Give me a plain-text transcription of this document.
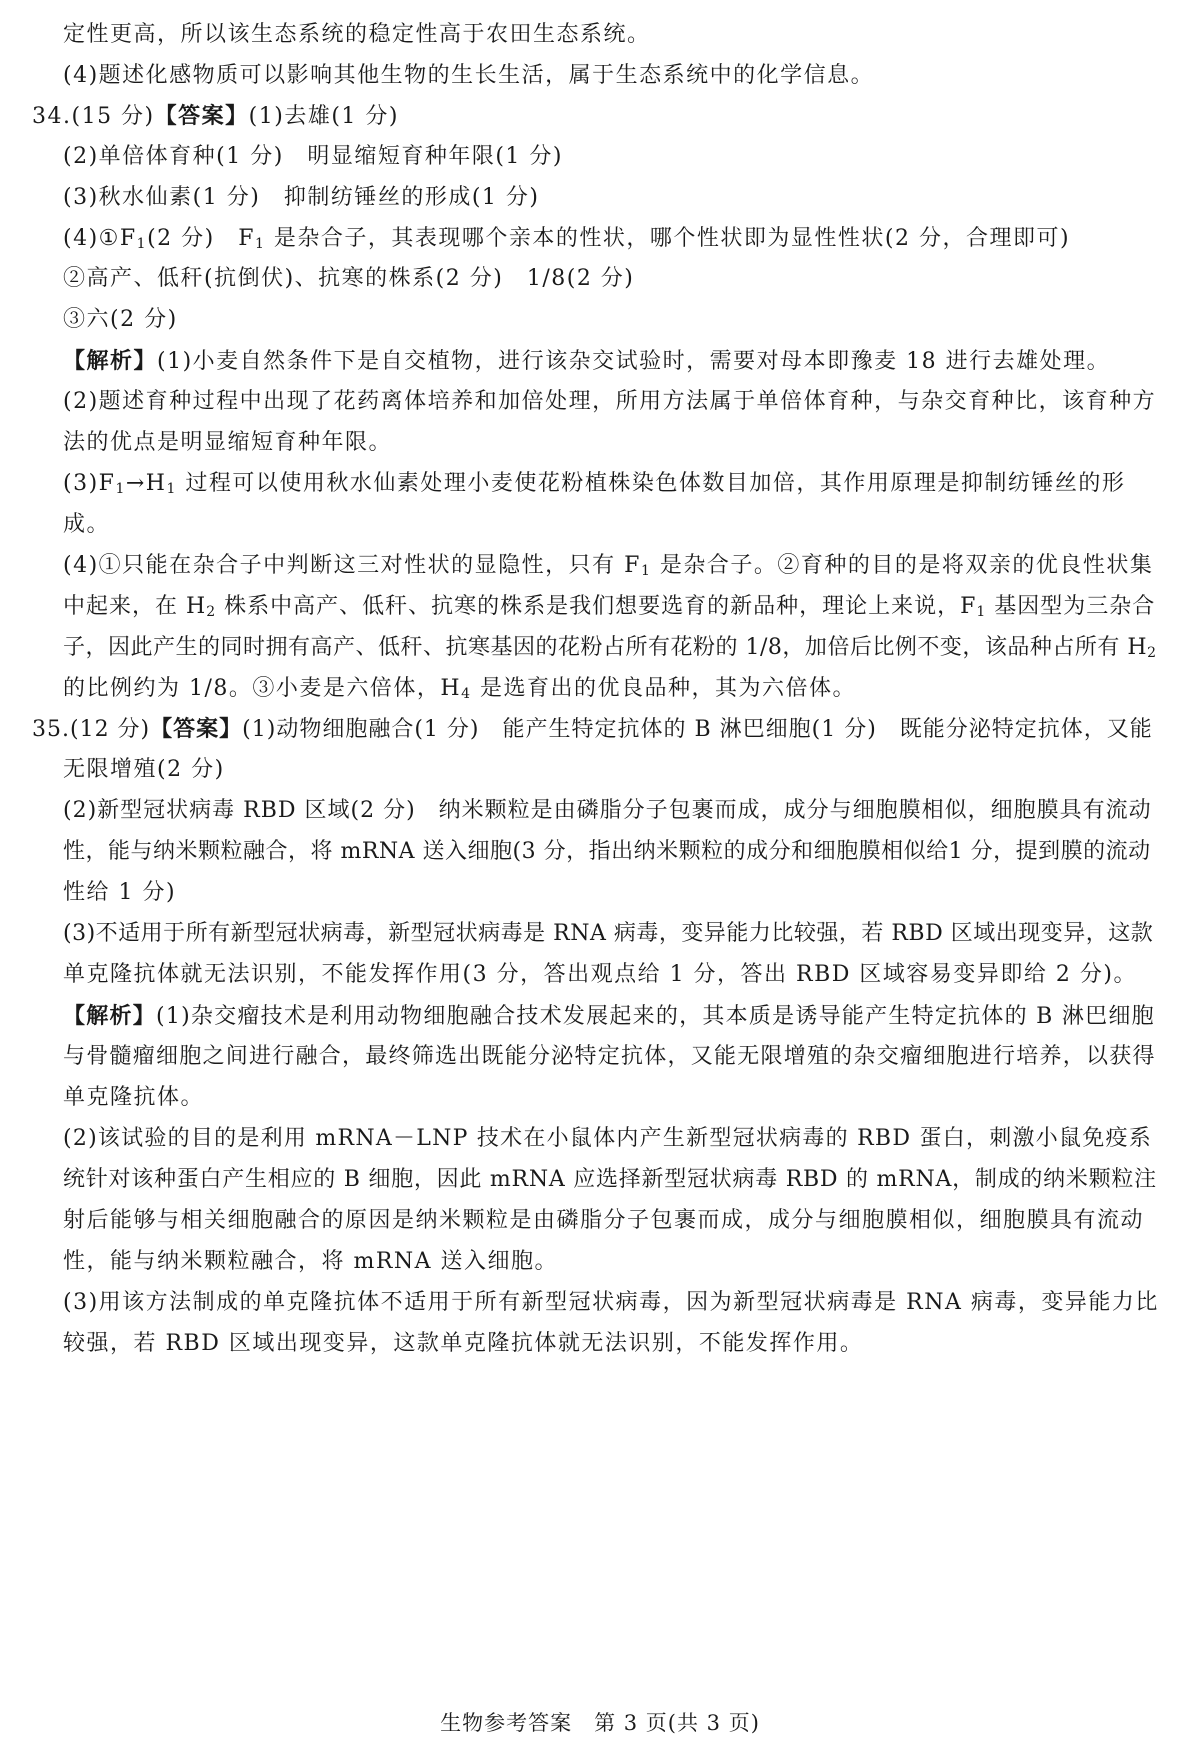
定性更高，所以该生态系统的稳定性高于农田生态系统。
(4)题述化感物质可以影响其他生物的生长生活，属于生态系统中的化学信息。
34.(15 分)【答案】(1)去雄(1 分)
(2)单倍体育种(1 分)　明显缩短育种年限(1 分)
(3)秋水仙素(1 分)　抑制纺锤丝的形成(1 分)
$(4)①F_1(2$ 分)　$F_1$ 是杂合子，其表现哪个亲本的性状，哪个性状即为显性性状(2 分，合理即可)
②高产、低秆(抗倒伏)、抗寒的株系(2 分)　1/8(2 分)
③六(2 分)
【解析】(1)小麦自然条件下是自交植物，进行该杂交试验时，需要对母本即豫麦 18 进行去雄处理。
(2)题述育种过程中出现了花药离体培养和加倍处理，所用方法属于单倍体育种，与杂交育种比，该育种方
法的优点是明显缩短育种年限。
$(3)F_1\to H_1$ 过程可以使用秋水仙素处理小麦使花粉植株染色体数目加倍，其作用原理是抑制纺锤丝的形
成。
(4)①只能在杂合子中判断这三对性状的显隐性，只有 $F_1$ 是杂合子。②育种的目的是将双亲的优良性状集
中起来，在 $H_2$ 株系中高产、低秆、抗寒的株系是我们想要选育的新品种，理论上来说，$F_1$ 基因型为三杂合
子，因此产生的同时拥有高产、低秆、抗寒基因的花粉占所有花粉的 1/8，加倍后比例不变，该品种占所有 $H_2$
的比例约为 1/8。③小麦是六倍体，$H_4$ 是选育出的优良品种，其为六倍体。
35.(12 分)【答案】(1)动物细胞融合(1 分)　能产生特定抗体的 B 淋巴细胞(1 分)　既能分泌特定抗体，又能
无限增殖(2 分)
(2)新型冠状病毒 RBD 区域(2 分)　纳米颗粒是由磷脂分子包裹而成，成分与细胞膜相似，细胞膜具有流动
性，能与纳米颗粒融合，将 mRNA 送入细胞(3 分，指出纳米颗粒的成分和细胞膜相似给1 分，提到膜的流动
性给 1 分)
(3)不适用于所有新型冠状病毒，新型冠状病毒是 RNA 病毒，变异能力比较强，若 RBD 区域出现变异，这款
单克隆抗体就无法识别，不能发挥作用(3 分，答出观点给 1 分，答出 RBD 区域容易变异即给 2 分)。
【解析】(1)杂交瘤技术是利用动物细胞融合技术发展起来的，其本质是诱导能产生特定抗体的 B 淋巴细胞
与骨髓瘤细胞之间进行融合，最终筛选出既能分泌特定抗体，又能无限增殖的杂交瘤细胞进行培养，以获得
单克隆抗体。
(2)该试验的目的是利用 mRNA－LNP 技术在小鼠体内产生新型冠状病毒的 RBD 蛋白，刺激小鼠免疫系
统针对该种蛋白产生相应的 B 细胞，因此 mRNA 应选择新型冠状病毒 RBD 的 mRNA，制成的纳米颗粒注
射后能够与相关细胞融合的原因是纳米颗粒是由磷脂分子包裹而成，成分与细胞膜相似，细胞膜具有流动
性，能与纳米颗粒融合，将 mRNA 送入细胞。
(3)用该方法制成的单克隆抗体不适用于所有新型冠状病毒，因为新型冠状病毒是 RNA 病毒，变异能力比
较强，若 RBD 区域出现变异，这款单克隆抗体就无法识别，不能发挥作用。
生物参考答案　第 3 页(共 3 页)
